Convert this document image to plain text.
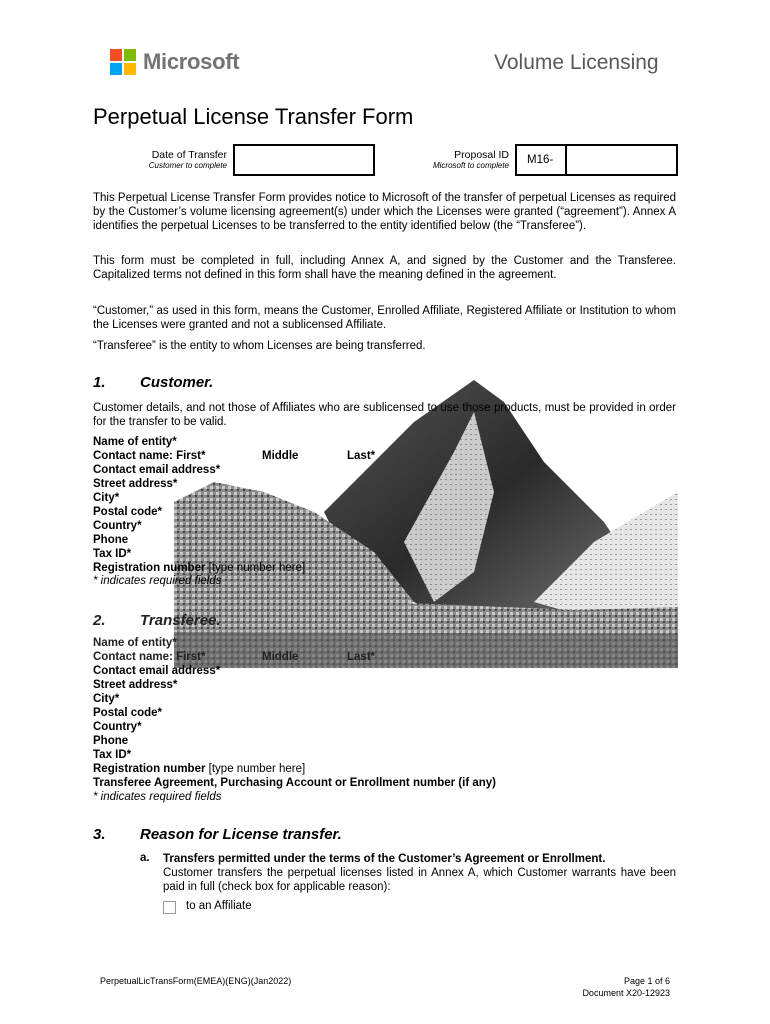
Microsoft	Volume Licensing
Perpetual License Transfer Form
Date of Transfer
Customer to complete
Proposal ID
Microsoft to complete	M16-
This Perpetual License Transfer Form provides notice to Microsoft of the transfer of perpetual Licenses as required by the Customer’s volume licensing agreement(s) under which the Licenses were granted (“agreement”). Annex A identifies the perpetual Licenses to be transferred to the entity identified below (the “Transferee”).
This form must be completed in full, including Annex A, and signed by the Customer and the Transferee. Capitalized terms not defined in this form shall have the meaning defined in the agreement.
“Customer,” as used in this form, means the Customer, Enrolled Affiliate, Registered Affiliate or Institution to whom the Licenses were granted and not a sublicensed Affiliate.
“Transferee” is the entity to whom Licenses are being transferred.
1. Customer.
Customer details, and not those of Affiliates who are sublicensed to use those products, must be provided in order for the transfer to be valid.
Name of entity*
Contact name: First*	Middle	Last*
Contact email address*
Street address*
City*
Postal code*
Country*
Phone
Tax ID*
Registration number [type number here]
* indicates required fields
2. Transferee.
Name of entity*
Contact name: First*	Middle	Last*
Contact email address*
Street address*
City*
Postal code*
Country*
Phone
Tax ID*
Registration number [type number here]
Transferee Agreement, Purchasing Account or Enrollment number (if any)
* indicates required fields
3. Reason for License transfer.
a. Transfers permitted under the terms of the Customer’s Agreement or Enrollment.
Customer transfers the perpetual licenses listed in Annex A, which Customer warrants have been paid in full (check box for applicable reason):
to an Affiliate
PerpetualLicTransForm(EMEA)(ENG)(Jan2022)	Page 1 of 6
Document X20-12923
